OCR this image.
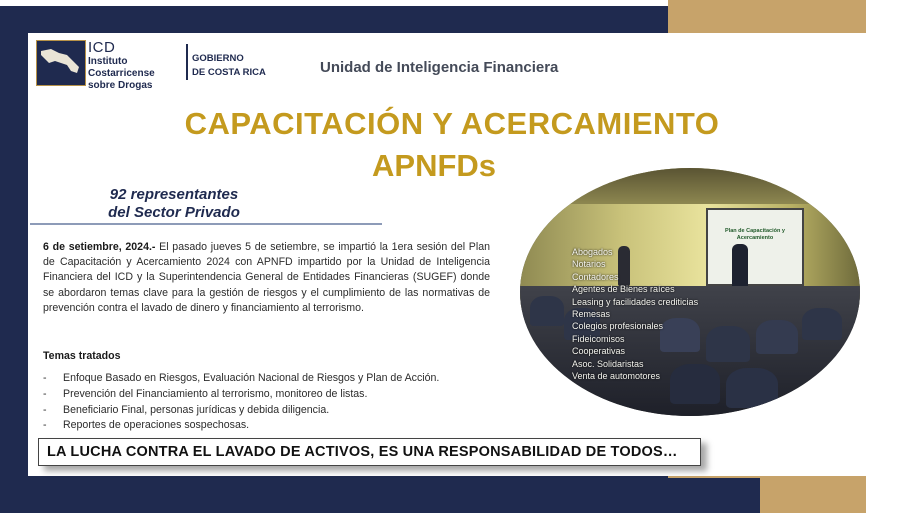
ICD
Instituto
Costarricense
sobre Drogas
GOBIERNO
DE COSTA RICA	Unidad de Inteligencia Financiera
CAPACITACIÓN Y ACERCAMIENTO
APNFDs
92 representantes
del Sector Privado
6 de setiembre, 2024.- El pasado jueves 5 de setiembre, se impartió la 1era sesión del Plan de Capacitación y Acercamiento 2024 con APNFD impartido por la Unidad de Inteligencia Financiera del ICD y la Superintendencia General de Entidades Financieras (SUGEF) donde se abordaron temas clave para la gestión de riesgos y el cumplimiento de las normativas de prevención contra el lavado de dinero y financiamiento al terrorismo.
Temas tratados
-	Enfoque Basado en Riesgos, Evaluación Nacional de Riesgos y Plan de Acción.
-	Prevención del Financiamiento al terrorismo, monitoreo de listas.
-	Beneficiario Final, personas jurídicas y debida diligencia.
-	Reportes de operaciones sospechosas.
LA LUCHA CONTRA EL LAVADO DE ACTIVOS, ES UNA RESPONSABILIDAD DE TODOS…
Plan de Capacitación y Acercamiento
Abogados
Notarios
Contadores
Agentes de Bienes raíces
Leasing y facilidades crediticias
Remesas
Colegios profesionales
Fideicomisos
Cooperativas
Asoc. Solidaristas
Venta de automotores
